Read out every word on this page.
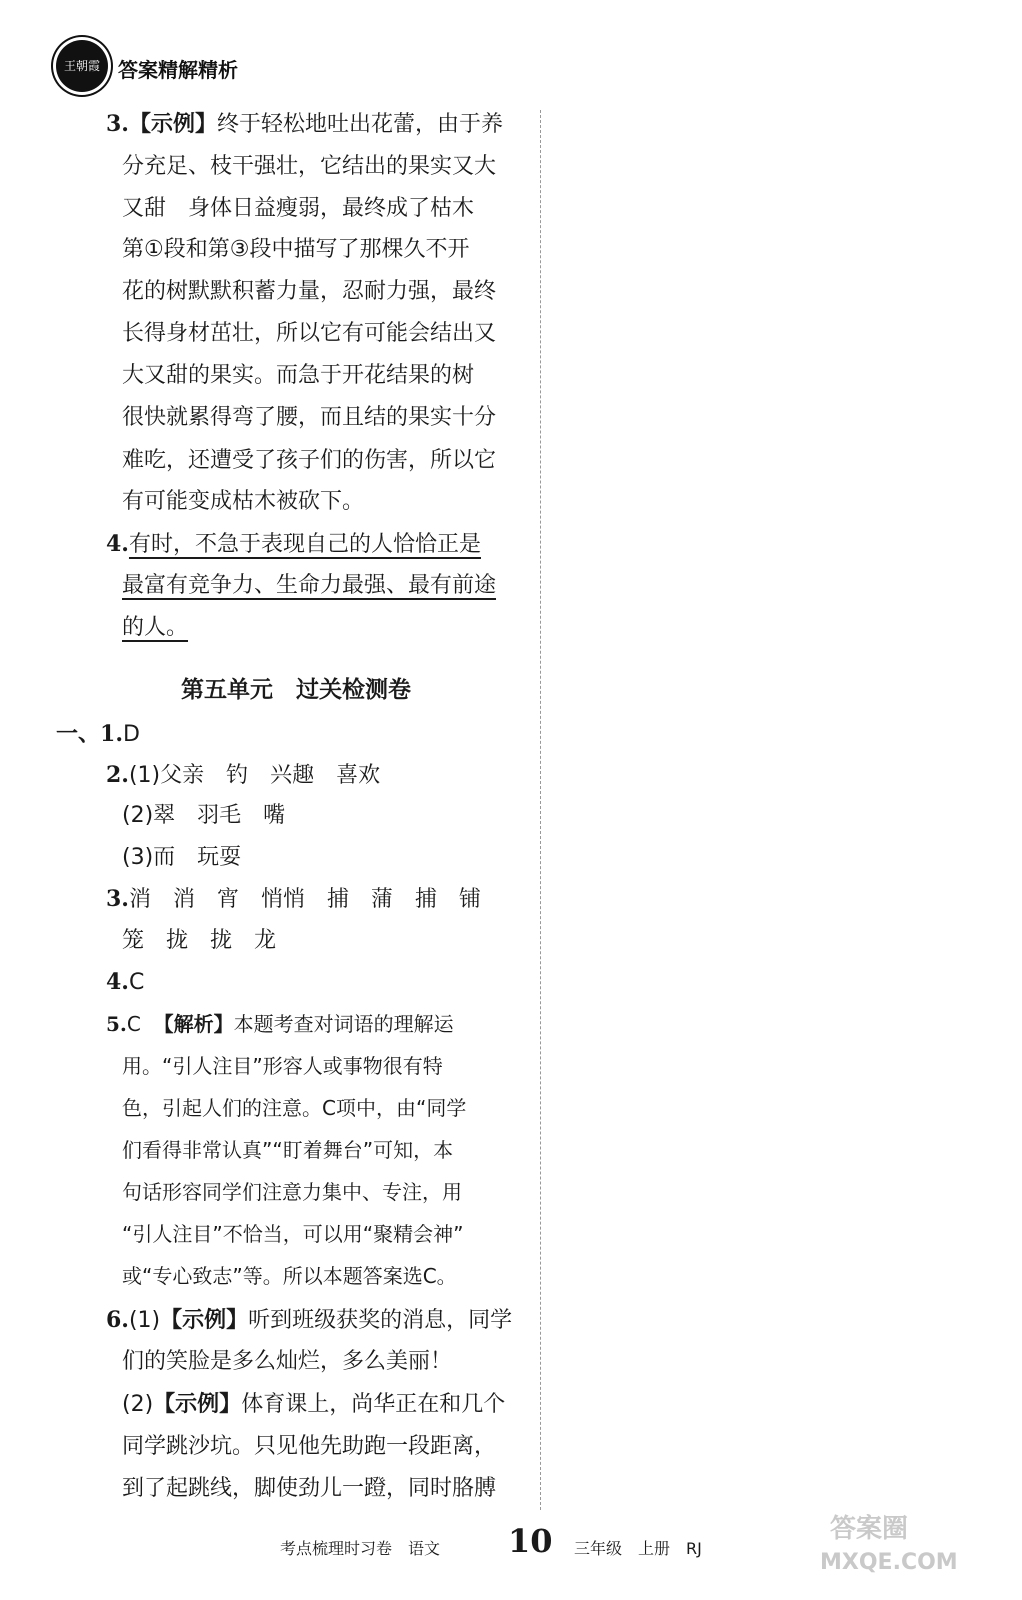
王朝霞 答案精解精析
3.【示例】终于轻松地吐出花蕾，由于养
分充足、枝干强壮，它结出的果实又大
又甜　身体日益瘦弱，最终成了枯木
第①段和第③段中描写了那棵久不开
花的树默默积蓄力量，忍耐力强，最终
长得身材茁壮，所以它有可能会结出又
大又甜的果实。而急于开花结果的树
很快就累得弯了腰，而且结的果实十分
难吃，还遭受了孩子们的伤害，所以它
有可能变成枯木被砍下。
4.有时，不急于表现自己的人恰恰正是
最富有竞争力、生命力最强、最有前途
的人。
第五单元　过关检测卷
一、1.D
2.(1)父亲　钓　兴趣　喜欢
(2)翠　羽毛　嘴
(3)而　玩耍
3.消　消　宵　悄悄　捕　蒲　捕　铺
笼　拢　拢　龙
4.C
5.C 【解析】本题考查对词语的理解运
用。“引人注目”形容人或事物很有特
色，引起人们的注意。C项中，由“同学
们看得非常认真”“盯着舞台”可知，本
句话形容同学们注意力集中、专注，用
“引人注目”不恰当，可以用“聚精会神”
或“专心致志”等。所以本题答案选C。
6.(1)【示例】听到班级获奖的消息，同学
们的笑脸是多么灿烂，多么美丽！
(2)【示例】体育课上，尚华正在和几个
同学跳沙坑。只见他先助跑一段距离，
到了起跳线，脚使劲儿一蹬，同时胳膊

考点梳理时习卷　语文 10 三年级　上册　RJ
答案圈
MXQE.COM
